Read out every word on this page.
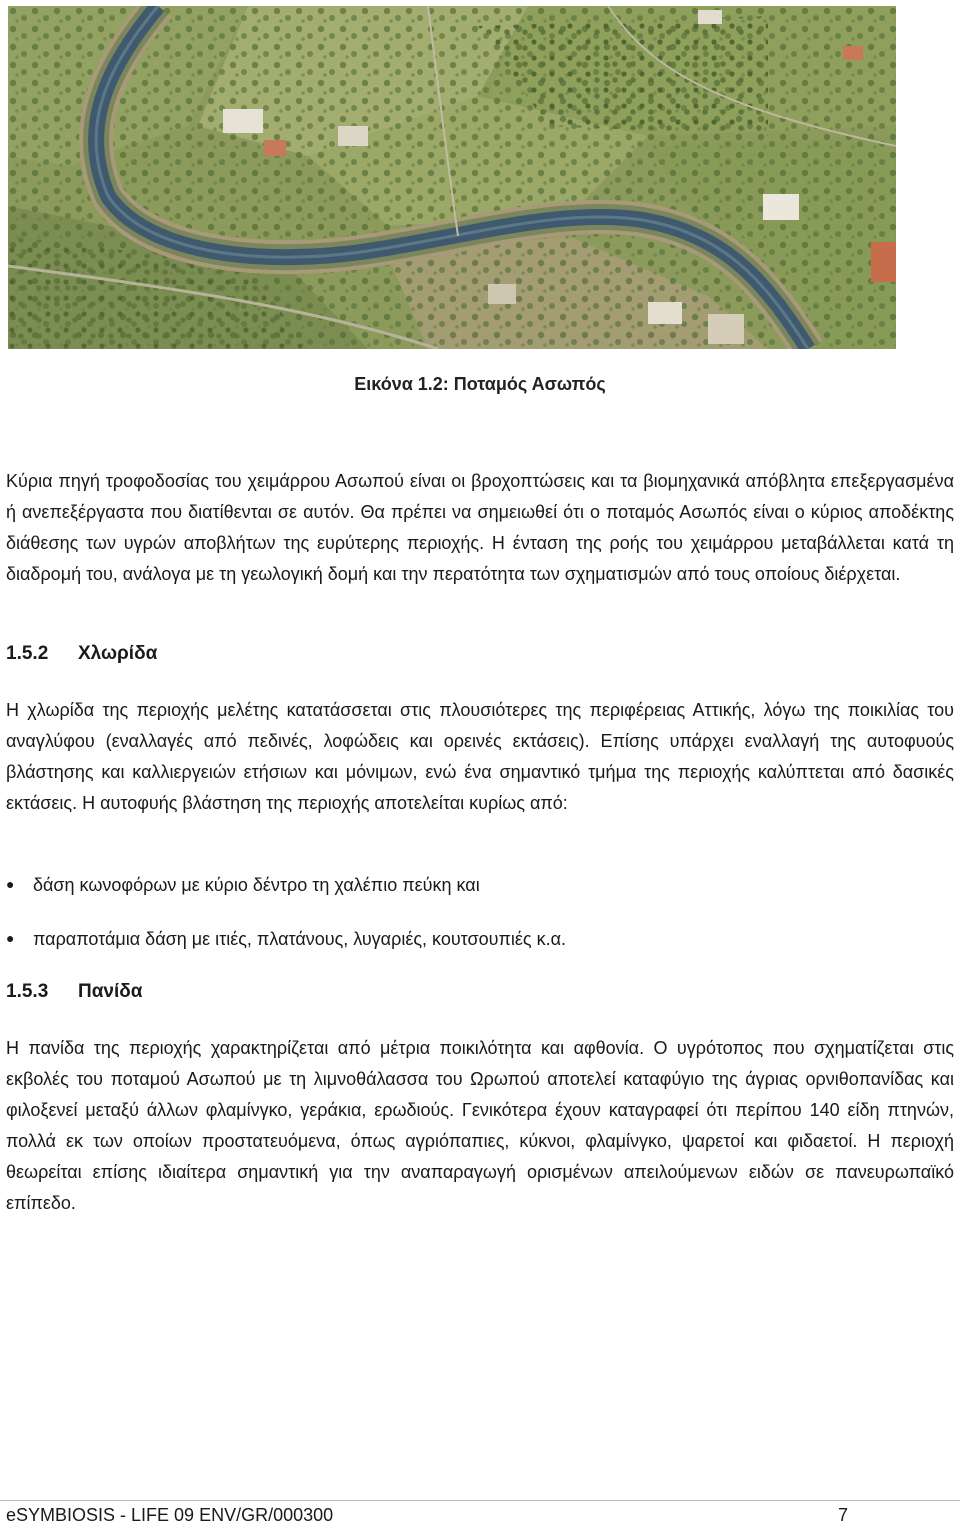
Εικόνα 1.2: Ποταμός Ασωπός

Κύρια πηγή τροφοδοσίας του χειμάρρου Ασωπού είναι οι βροχοπτώσεις και τα βιομηχανικά απόβλητα επεξεργασμένα ή ανεπεξέργαστα που διατίθενται σε αυτόν. Θα πρέπει να σημειωθεί ότι ο ποταμός Ασωπός είναι ο κύριος αποδέκτης διάθεσης των υγρών αποβλήτων της ευρύτερης περιοχής. Η ένταση της ροής του χειμάρρου μεταβάλλεται κατά τη διαδρομή του, ανάλογα με τη γεωλογική δομή και την περατότητα των σχηματισμών από τους οποίους διέρχεται.

1.5.2 Χλωρίδα

Η χλωρίδα της περιοχής μελέτης κατατάσσεται στις πλουσιότερες της περιφέρειας Αττικής, λόγω της ποικιλίας του αναγλύφου (εναλλαγές από πεδινές, λοφώδεις και ορεινές εκτάσεις). Επίσης υπάρχει εναλλαγή της αυτοφυούς βλάστησης και καλλιεργειών ετήσιων και μόνιμων, ενώ ένα σημαντικό τμήμα της περιοχής καλύπτεται από δασικές εκτάσεις. Η αυτοφυής βλάστηση της περιοχής αποτελείται κυρίως από:

● δάση κωνοφόρων με κύριο δέντρο τη χαλέπιο πεύκη και
● παραποτάμια δάση με ιτιές, πλατάνους, λυγαριές, κουτσουπιές κ.α.
1.5.3 Πανίδα

Η πανίδα της περιοχής χαρακτηρίζεται από μέτρια ποικιλότητα και αφθονία. Ο υγρότοπος που σχηματίζεται στις εκβολές του ποταμού Ασωπού με τη λιμνοθάλασσα του Ωρωπού αποτελεί καταφύγιο της άγριας ορνιθοπανίδας και φιλοξενεί μεταξύ άλλων φλαμίνγκο, γεράκια, ερωδιούς. Γενικότερα έχουν καταγραφεί ότι περίπου 140 είδη πτηνών, πολλά εκ των οποίων προστατευόμενα, όπως αγριόπαπιες, κύκνοι, φλαμίνγκο, ψαρετοί και φιδαετοί. Η περιοχή θεωρείται επίσης ιδιαίτερα σημαντική για την αναπαραγωγή ορισμένων απειλούμενων ειδών σε πανευρωπαϊκό επίπεδο.

eSYMBIOSIS - LIFE 09 ENV/GR/000300	7
